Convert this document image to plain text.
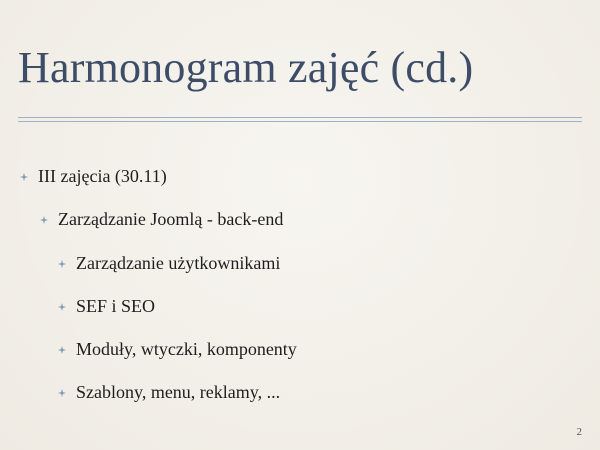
Harmonogram zajęć (cd.)
III zajęcia (30.11)
Zarządzanie Joomlą - back-end
Zarządzanie użytkownikami
SEF i SEO
Moduły, wtyczki, komponenty
Szablony, menu, reklamy, ...
2
